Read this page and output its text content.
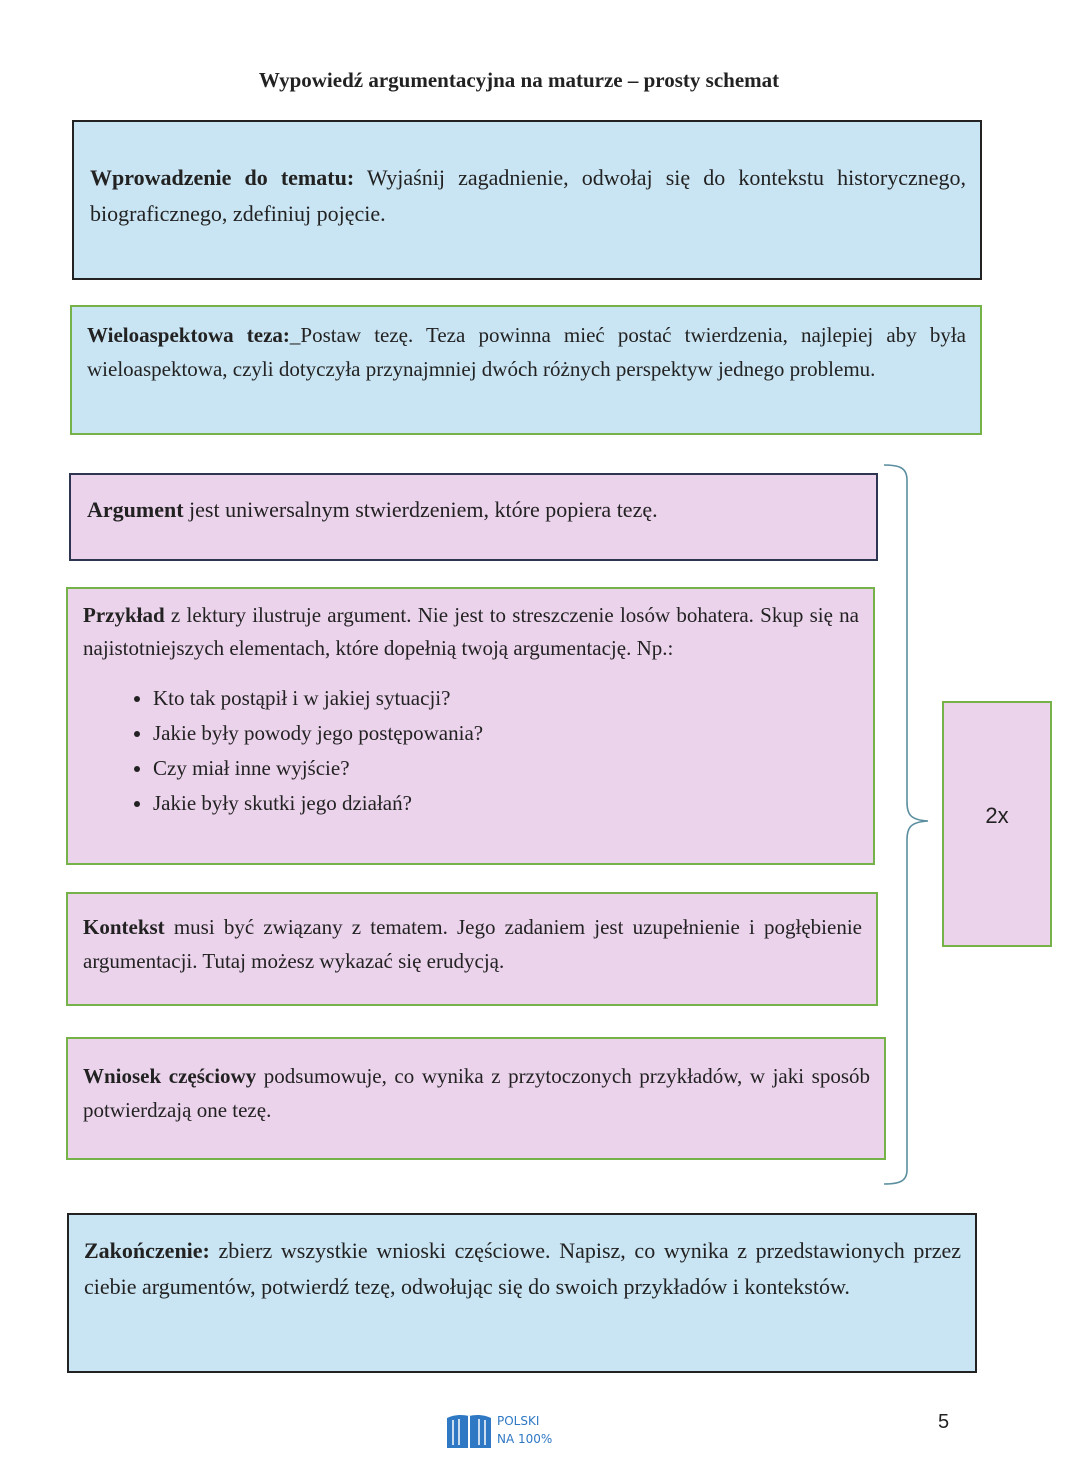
Wypowiedź argumentacyjna na maturze – prosty schemat

Wprowadzenie do tematu: Wyjaśnij zagadnienie, odwołaj się do kontekstu historycznego, biograficznego, zdefiniuj pojęcie.

Wieloaspektowa teza:_Postaw tezę. Teza powinna mieć postać twierdzenia, najlepiej aby była wieloaspektowa, czyli dotyczyła przynajmniej dwóch różnych perspektyw jednego problemu.

Argument jest uniwersalnym stwierdzeniem, które popiera tezę.

Przykład z lektury ilustruje argument. Nie jest to streszczenie losów bohatera. Skup się na najistotniejszych elementach, które dopełnią twoją argumentację. Np.:

• Kto tak postąpił i w jakiej sytuacji?
• Jakie były powody jego postępowania?
• Czy miał inne wyjście?
• Jakie były skutki jego działań?

Kontekst musi być związany z tematem. Jego zadaniem jest uzupełnienie i pogłębienie argumentacji. Tutaj możesz wykazać się erudycją.

Wniosek częściowy podsumowuje, co wynika z przytoczonych przykładów, w jaki sposób potwierdzają one tezę.

2x

Zakończenie: zbierz wszystkie wnioski częściowe. Napisz, co wynika z przedstawionych przez ciebie argumentów, potwierdź tezę, odwołując się do swoich przykładów i kontekstów.

POLSKI
NA 100%
5
